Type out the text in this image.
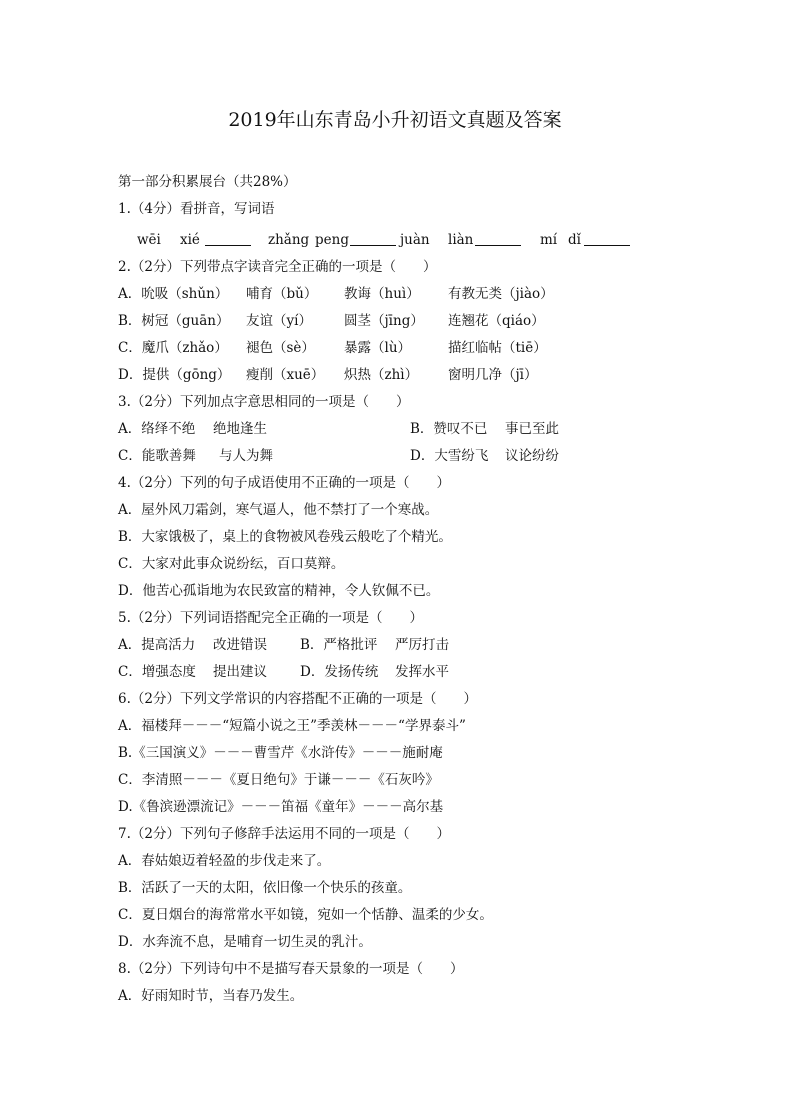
2019年山东青岛小升初语文真题及答案
第一部分积累展台（共28%）
1.（4分）看拼音，写词语
wēi xié	zhǎng peng	juàn liàn	mí dǐ
2.（2分）下列带点字读音完全正确的一项是（　　）
A．吮吸（shǔn） 哺育（bǔ） 教诲（huì） 有教无类（jiào）
B．树冠（guān） 友谊（yí） 圆茎（jīng） 连翘花（qiáo）
C．魔爪（zhǎo） 褪色（sè） 暴露（lù）	描红临帖（tiē）
D．提供（gōng） 瘦削（xuē） 炽热（zhì） 窗明几净（jī）
3.（2分）下列加点字意思相同的一项是（　　）
A．络绎不绝 绝地逢生	B．赞叹不已 事已至此
C．能歌善舞 与人为舞	D．大雪纷飞 议论纷纷
4.（2分）下列的句子成语使用不正确的一项是（　　）
A．屋外风刀霜剑，寒气逼人，他不禁打了一个寒战。
B．大家饿极了，桌上的食物被风卷残云般吃了个精光。
C．大家对此事众说纷纭，百口莫辩。
D．他苦心孤诣地为农民致富的精神，令人钦佩不已。
5.（2分）下列词语搭配完全正确的一项是（　　）
A．提高活力 改进错误 B．严格批评 严厉打击
C．增强态度 提出建议 D．发扬传统 发挥水平
6.（2分）下列文学常识的内容搭配不正确的一项是（　　）
A．福楼拜－－－“短篇小说之王”季羡林－－－“学界泰斗”
B.《三国演义》－－－曹雪芹《水浒传》－－－施耐庵
C．李清照－－－《夏日绝句》于谦－－－《石灰吟》
D.《鲁滨逊漂流记》－－－笛福《童年》－－－高尔基
7.（2分）下列句子修辞手法运用不同的一项是（　　）
A．春姑娘迈着轻盈的步伐走来了。
B．活跃了一天的太阳，依旧像一个快乐的孩童。
C．夏日烟台的海常常水平如镜，宛如一个恬静、温柔的少女。
D．水奔流不息，是哺育一切生灵的乳汁。
8.（2分）下列诗句中不是描写春天景象的一项是（　　）
A．好雨知时节，当春乃发生。
